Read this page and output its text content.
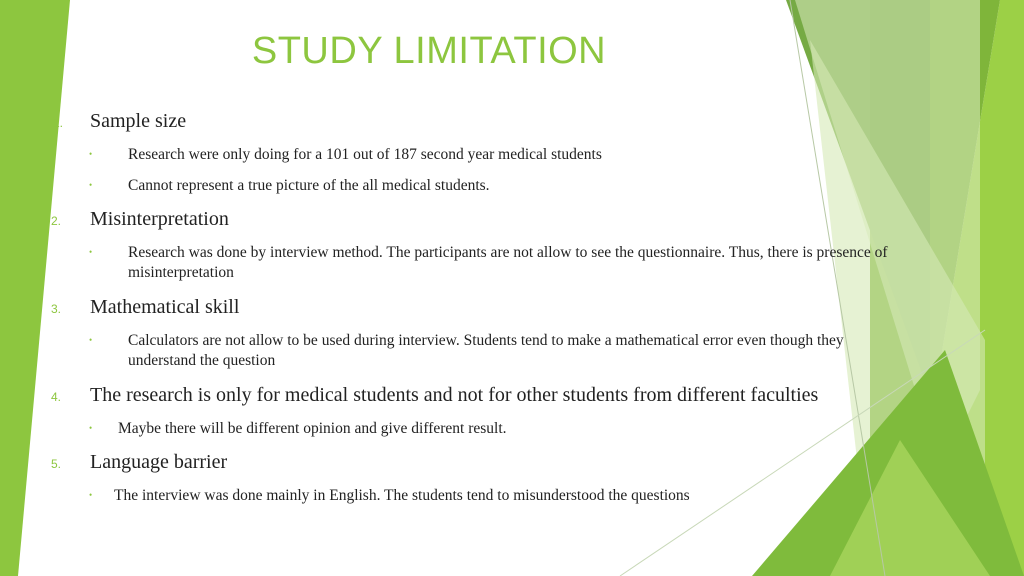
STUDY LIMITATION
1. Sample size
• Research were only doing for a 101 out of 187 second year medical students
• Cannot represent a true picture of the all medical students.
2. Misinterpretation
• Research was done by interview method. The participants are not allow to see the questionnaire. Thus, there is presence of
misinterpretation
3. Mathematical skill
• Calculators are not allow to be used during interview. Students tend to make a mathematical error even though they
understand the question
4. The research is only for medical students and not for other students from different faculties
• Maybe there will be different opinion and give different result.
5. Language barrier
• The interview was done mainly in English. The students tend to misunderstood the questions
